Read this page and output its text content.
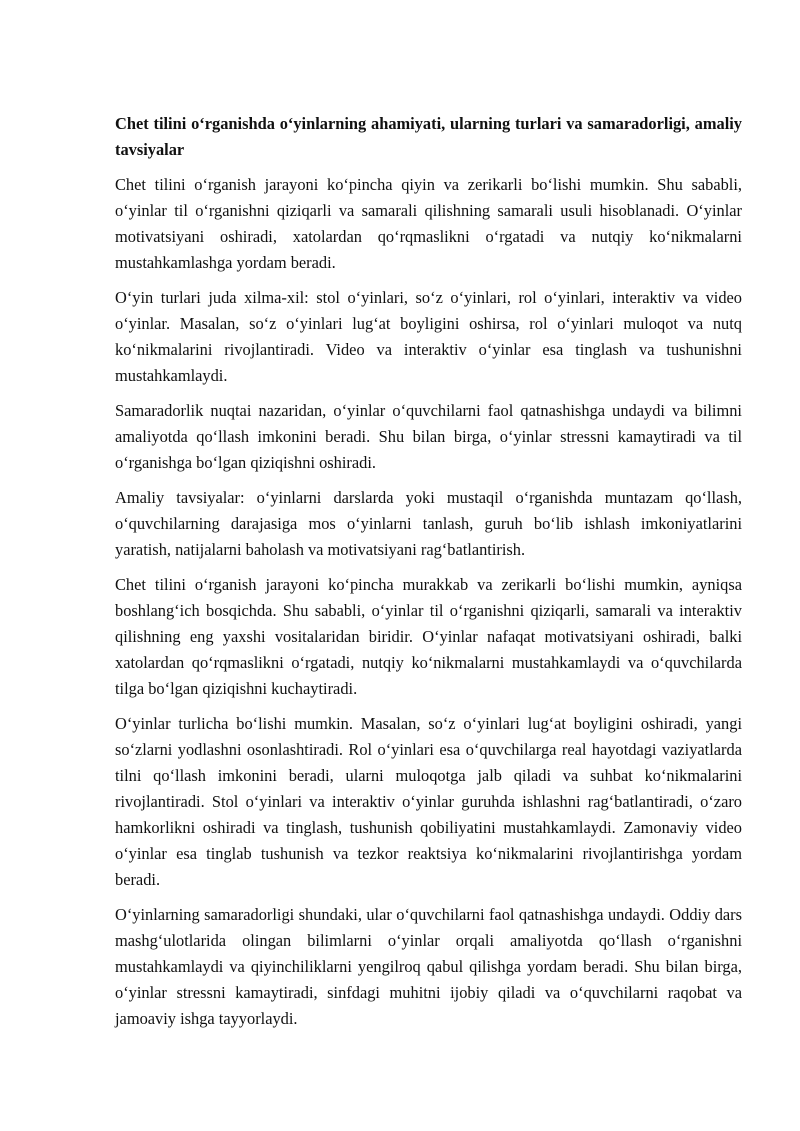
Chet tilini o‘rganishda o‘yinlarning ahamiyati, ularning turlari va samaradorligi, amaliy tavsiyalar

Chet tilini o‘rganish jarayoni ko‘pincha qiyin va zerikarli bo‘lishi mumkin. Shu sababli, o‘yinlar til o‘rganishni qiziqarli va samarali qilishning samarali usuli hisoblanadi. O‘yinlar motivatsiyani oshiradi, xatolardan qo‘rqmaslikni o‘rgatadi va nutqiy ko‘nikmalarni mustahkamlashga yordam beradi.

O‘yin turlari juda xilma-xil: stol o‘yinlari, so‘z o‘yinlari, rol o‘yinlari, interaktiv va video o‘yinlar. Masalan, so‘z o‘yinlari lug‘at boyligini oshirsa, rol o‘yinlari muloqot va nutq ko‘nikmalarini rivojlantiradi. Video va interaktiv o‘yinlar esa tinglash va tushunishni mustahkamlaydi.

Samaradorlik nuqtai nazaridan, o‘yinlar o‘quvchilarni faol qatnashishga undaydi va bilimni amaliyotda qo‘llash imkonini beradi. Shu bilan birga, o‘yinlar stressni kamaytiradi va til o‘rganishga bo‘lgan qiziqishni oshiradi.

Amaliy tavsiyalar: o‘yinlarni darslarda yoki mustaqil o‘rganishda muntazam qo‘llash, o‘quvchilarning darajasiga mos o‘yinlarni tanlash, guruh bo‘lib ishlash imkoniyatlarini yaratish, natijalarni baholash va motivatsiyani rag‘batlantirish.

Chet tilini o‘rganish jarayoni ko‘pincha murakkab va zerikarli bo‘lishi mumkin, ayniqsa boshlang‘ich bosqichda. Shu sababli, o‘yinlar til o‘rganishni qiziqarli, samarali va interaktiv qilishning eng yaxshi vositalaridan biridir. O‘yinlar nafaqat motivatsiyani oshiradi, balki xatolardan qo‘rqmaslikni o‘rgatadi, nutqiy ko‘nikmalarni mustahkamlaydi va o‘quvchilarda tilga bo‘lgan qiziqishni kuchaytiradi.

O‘yinlar turlicha bo‘lishi mumkin. Masalan, so‘z o‘yinlari lug‘at boyligini oshiradi, yangi so‘zlarni yodlashni osonlashtiradi. Rol o‘yinlari esa o‘quvchilarga real hayotdagi vaziyatlarda tilni qo‘llash imkonini beradi, ularni muloqotga jalb qiladi va suhbat ko‘nikmalarini rivojlantiradi. Stol o‘yinlari va interaktiv o‘yinlar guruhda ishlashni rag‘batlantiradi, o‘zaro hamkorlikni oshiradi va tinglash, tushunish qobiliyatini mustahkamlaydi. Zamonaviy video o‘yinlar esa tinglab tushunish va tezkor reaktsiya ko‘nikmalarini rivojlantirishga yordam beradi.

O‘yinlarning samaradorligi shundaki, ular o‘quvchilarni faol qatnashishga undaydi. Oddiy dars mashg‘ulotlarida olingan bilimlarni o‘yinlar orqali amaliyotda qo‘llash o‘rganishni mustahkamlaydi va qiyinchiliklarni yengilroq qabul qilishga yordam beradi. Shu bilan birga, o‘yinlar stressni kamaytiradi, sinfdagi muhitni ijobiy qiladi va o‘quvchilarni raqobat va jamoaviy ishga tayyorlaydi.
